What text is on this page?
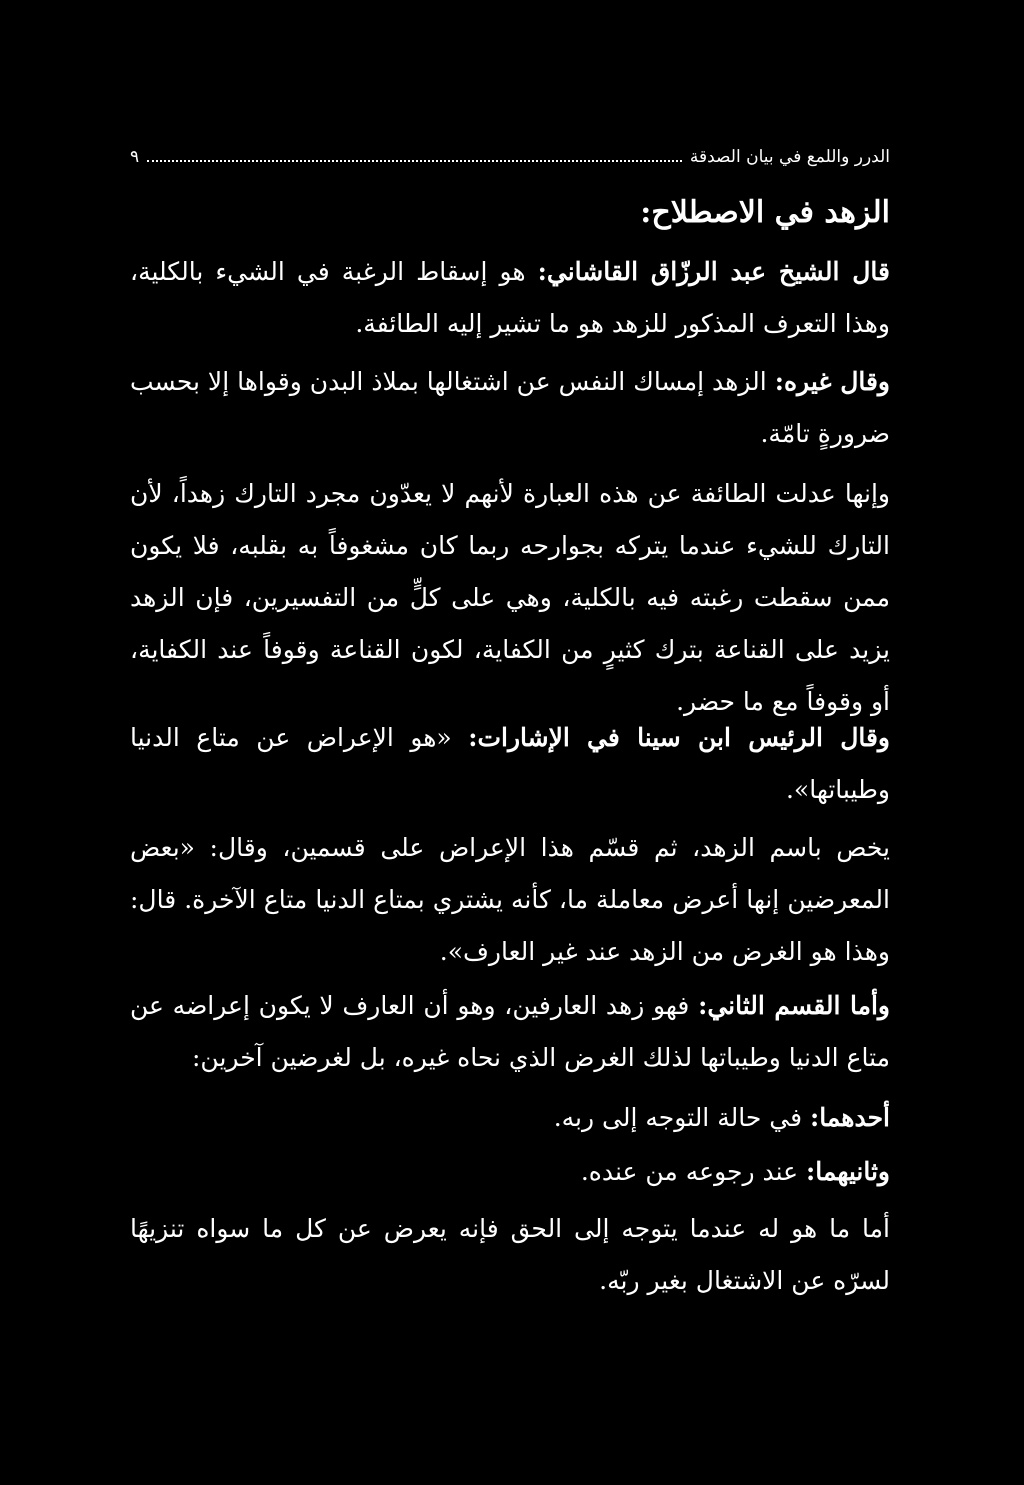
الدرر واللمع في بيان الصدقة
٩
الزهد في الاصطلاح:

قال الشيخ عبد الرزّاق القاشاني: هو إسقاط الرغبة في الشيء بالكلية، وهذا التعرف المذكور للزهد هو ما تشير إليه الطائفة.

وقال غيره: الزهد إمساك النفس عن اشتغالها بملاذ البدن وقواها إلا بحسب ضرورةٍ تامّة.

وإنها عدلت الطائفة عن هذه العبارة لأنهم لا يعدّون مجرد التارك زهداً، لأن التارك للشيء عندما يتركه بجوارحه ربما كان مشغوفاً به بقلبه، فلا يكون ممن سقطت رغبته فيه بالكلية، وهي على كلٍّ من التفسيرين، فإن الزهد يزيد على القناعة بترك كثيرٍ من الكفاية، لكون القناعة وقوفاً عند الكفاية، أو وقوفاً مع ما حضر.

وقال الرئيس ابن سينا في الإشارات: «هو الإعراض عن متاع الدنيا وطيباتها».

يخص باسم الزهد، ثم قسّم هذا الإعراض على قسمين، وقال: «بعض المعرضين إنها أعرض معاملة ما، كأنه يشتري بمتاع الدنيا متاع الآخرة. قال: وهذا هو الغرض من الزهد عند غير العارف».

وأما القسم الثاني: فهو زهد العارفين، وهو أن العارف لا يكون إعراضه عن متاع الدنيا وطيباتها لذلك الغرض الذي نحاه غيره، بل لغرضين آخرين:

أحدهما: في حالة التوجه إلى ربه.

وثانيهما: عند رجوعه من عنده.

أما ما هو له عندما يتوجه إلى الحق فإنه يعرض عن كل ما سواه تنزيهًا لسرّه عن الاشتغال بغير ربّه.
